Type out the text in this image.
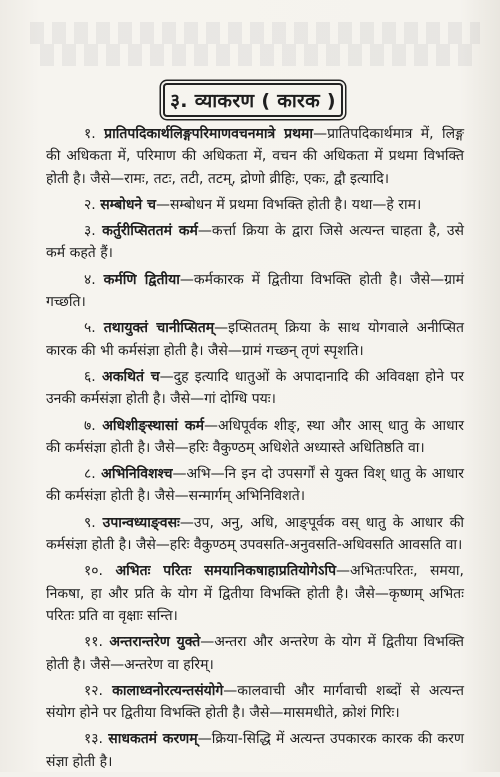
३. व्याकरण ( कारक )

१. प्रातिपदिकार्थलिङ्गपरिमाणवचनमात्रे प्रथमा—प्रातिपदिकार्थमात्र में, लिङ्ग की अधिकता में, परिमाण की अधिकता में, वचन की अधिकता में प्रथमा विभक्ति होती है। जैसे—रामः, तटः, तटी, तटम्, द्रोणो व्रीहिः, एकः, द्वौ इत्यादि।

२. सम्बोधने च—सम्बोधन में प्रथमा विभक्ति होती है। यथा—हे राम।

३. कर्तुरीप्सिततमं कर्म—कर्त्ता क्रिया के द्वारा जिसे अत्यन्त चाहता है, उसे कर्म कहते हैं।

४. कर्मणि द्वितीया—कर्मकारक में द्वितीया विभक्ति होती है। जैसे—ग्रामं गच्छति।

५. तथायुक्तं चानीप्सितम्—इप्सिततम् क्रिया के साथ योगवाले अनीप्सित कारक की भी कर्मसंज्ञा होती है। जैसे—ग्रामं गच्छन् तृणं स्पृशति।

६. अकथितं च—दुह इत्यादि धातुओं के अपादानादि की अविवक्षा होने पर उनकी कर्मसंज्ञा होती है। जैसे—गां दोग्धि पयः।

७. अधिशीङ्स्थासां कर्म—अधिपूर्वक शीङ्, स्था और आस् धातु के आधार की कर्मसंज्ञा होती है। जैसे—हरिः वैकुण्ठम् अधिशेते अध्यास्ते अधितिष्ठति वा।

८. अभिनिविशश्च—अभि—नि इन दो उपसर्गों से युक्त विश् धातु के आधार की कर्मसंज्ञा होती है। जैसे—सन्मार्गम् अभिनिविशते।

९. उपान्वध्याङ्वसः—उप, अनु, अधि, आङ्पूर्वक वस् धातु के आधार की कर्मसंज्ञा होती है। जैसे—हरिः वैकुण्ठम् उपवसति-अनुवसति-अधिवसति आवसति वा।

१०. अभितः परितः समयानिकषाहाप्रतियोगेऽपि—अभितःपरितः, समया, निकषा, हा और प्रति के योग में द्वितीया विभक्ति होती है। जैसे—कृष्णम् अभितः परितः प्रति वा वृक्षाः सन्ति।

११. अन्तरान्तरेण युक्ते—अन्तरा और अन्तरेण के योग में द्वितीया विभक्ति होती है। जैसे—अन्तरेण वा हरिम्।

१२. कालाध्वनोरत्यन्तसंयोगे—कालवाची और मार्गवाची शब्दों से अत्यन्त संयोग होने पर द्वितीया विभक्ति होती है। जैसे—मासमधीते, क्रोशं गिरिः।

१३. साधकतमं करणम्—क्रिया-सिद्धि में अत्यन्त उपकारक कारक की करण संज्ञा होती है।
